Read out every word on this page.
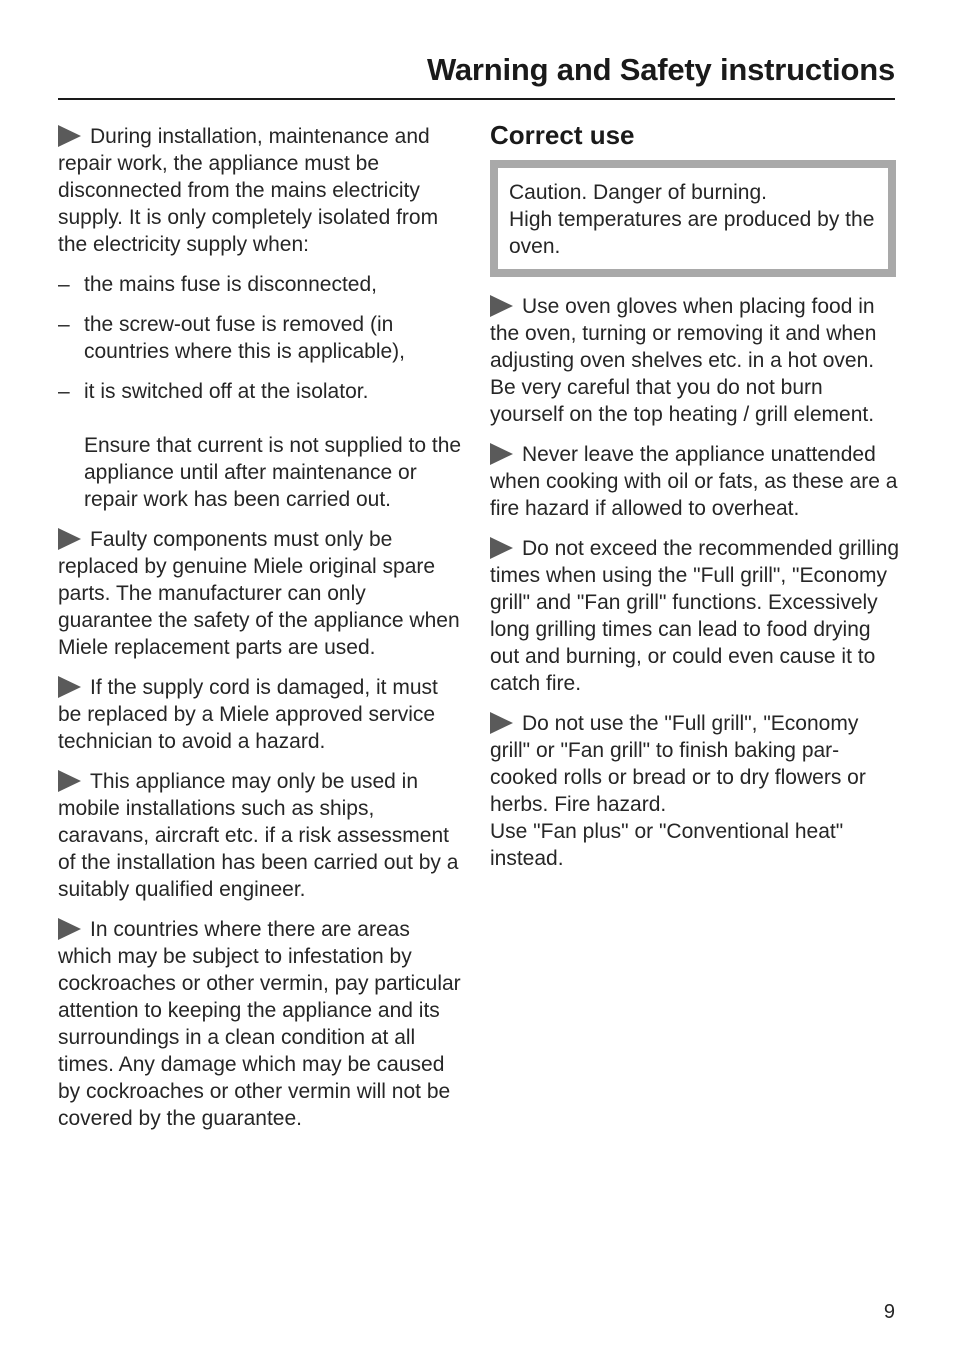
Warning and Safety instructions

During installation, maintenance and repair work, the appliance must be disconnected from the mains electricity supply. It is only completely isolated from the electricity supply when:

– the mains fuse is disconnected,
– the screw-out fuse is removed (in countries where this is applicable),
– it is switched off at the isolator.

Ensure that current is not supplied to the appliance until after maintenance or repair work has been carried out.

Faulty components must only be replaced by genuine Miele original spare parts. The manufacturer can only guarantee the safety of the appliance when Miele replacement parts are used.

If the supply cord is damaged, it must be replaced by a Miele approved service technician to avoid a hazard.

This appliance may only be used in mobile installations such as ships, caravans, aircraft etc. if a risk assessment of the installation has been carried out by a suitably qualified engineer.

In countries where there are areas which may be subject to infestation by cockroaches or other vermin, pay particular attention to keeping the appliance and its surroundings in a clean condition at all times. Any damage which may be caused by cockroaches or other vermin will not be covered by the guarantee.

Correct use
Caution. Danger of burning.
High temperatures are produced by the oven.

Use oven gloves when placing food in the oven, turning or removing it and when adjusting oven shelves etc. in a hot oven. Be very careful that you do not burn yourself on the top heating / grill element.

Never leave the appliance unattended when cooking with oil or fats, as these are a fire hazard if allowed to overheat.

Do not exceed the recommended grilling times when using the "Full grill", "Economy grill" and "Fan grill" functions. Excessively long grilling times can lead to food drying out and burning, or could even cause it to catch fire.

Do not use the "Full grill", "Economy grill" or "Fan grill" to finish baking par-cooked rolls or bread or to dry flowers or herbs. Fire hazard.
Use "Fan plus" or "Conventional heat" instead.
9
